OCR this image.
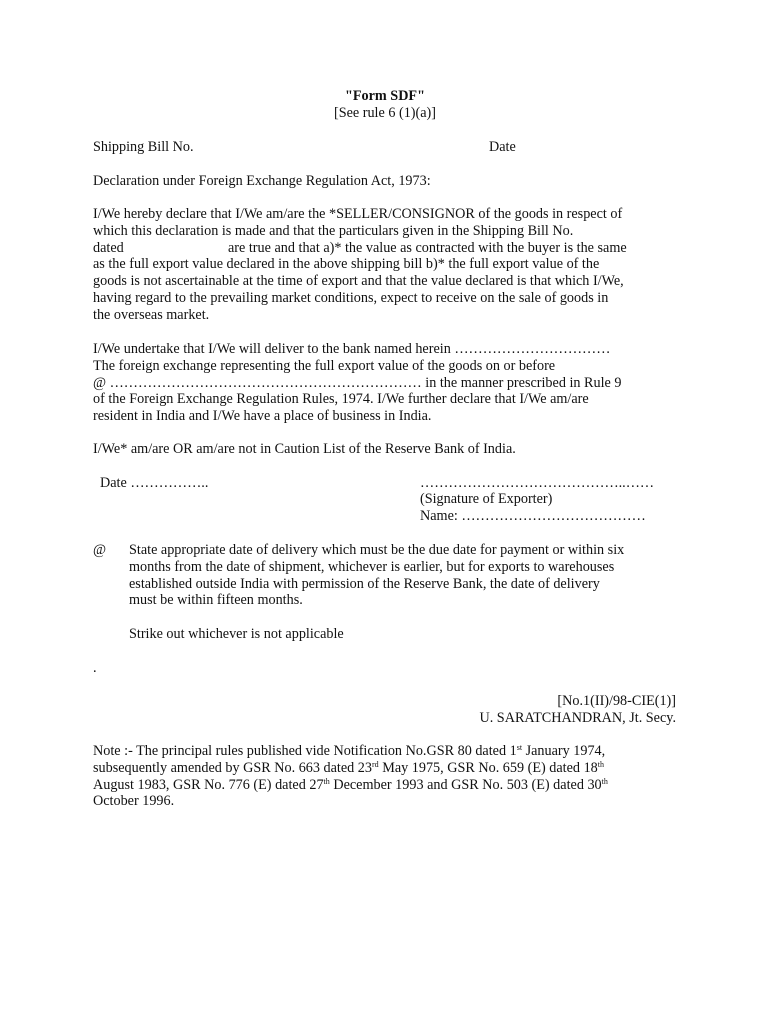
"Form SDF"
[See rule 6 (1)(a)]
Shipping Bill No.	Date
Declaration under Foreign Exchange Regulation Act, 1973:
I/We hereby declare that I/We am/are the *SELLER/CONSIGNOR of the goods in respect of
which this declaration is made and that the particulars given in the Shipping Bill No.
dated	are true and that a)* the value as contracted with the buyer is the same
as the full export value declared in the above shipping bill b)* the full export value of the
goods is not ascertainable at the time of export and that the value declared is that which I/We,
having regard to the prevailing market conditions, expect to receive on the sale of goods in
the overseas market.
I/We undertake that I/We will deliver to the bank named herein ……………………………
The foreign exchange representing the full export value of the goods on or before
@ ………………………………………………………… in the manner prescribed in Rule 9
of the Foreign Exchange Regulation Rules, 1974. I/We further declare that I/We am/are
resident in India and I/We have a place of business in India.
I/We* am/are OR am/are not in Caution List of the Reserve Bank of India.
Date ……………..	……………………………………..……
(Signature of Exporter)
Name: …………………………………
@ State appropriate date of delivery which must be the due date for payment or within six
months from the date of shipment, whichever is earlier, but for exports to warehouses
established outside India with permission of the Reserve Bank, the date of delivery
must be within fifteen months.
Strike out whichever is not applicable
.
[No.1(II)/98-CIE(1)]
U. SARATCHANDRAN, Jt. Secy.
Note :- The principal rules published vide Notification No.GSR 80 dated 1st January 1974,
subsequently amended by GSR No. 663 dated 23rd May 1975, GSR No. 659 (E) dated 18th
August 1983, GSR No. 776 (E) dated 27th December 1993 and GSR No. 503 (E) dated 30th
October 1996.
